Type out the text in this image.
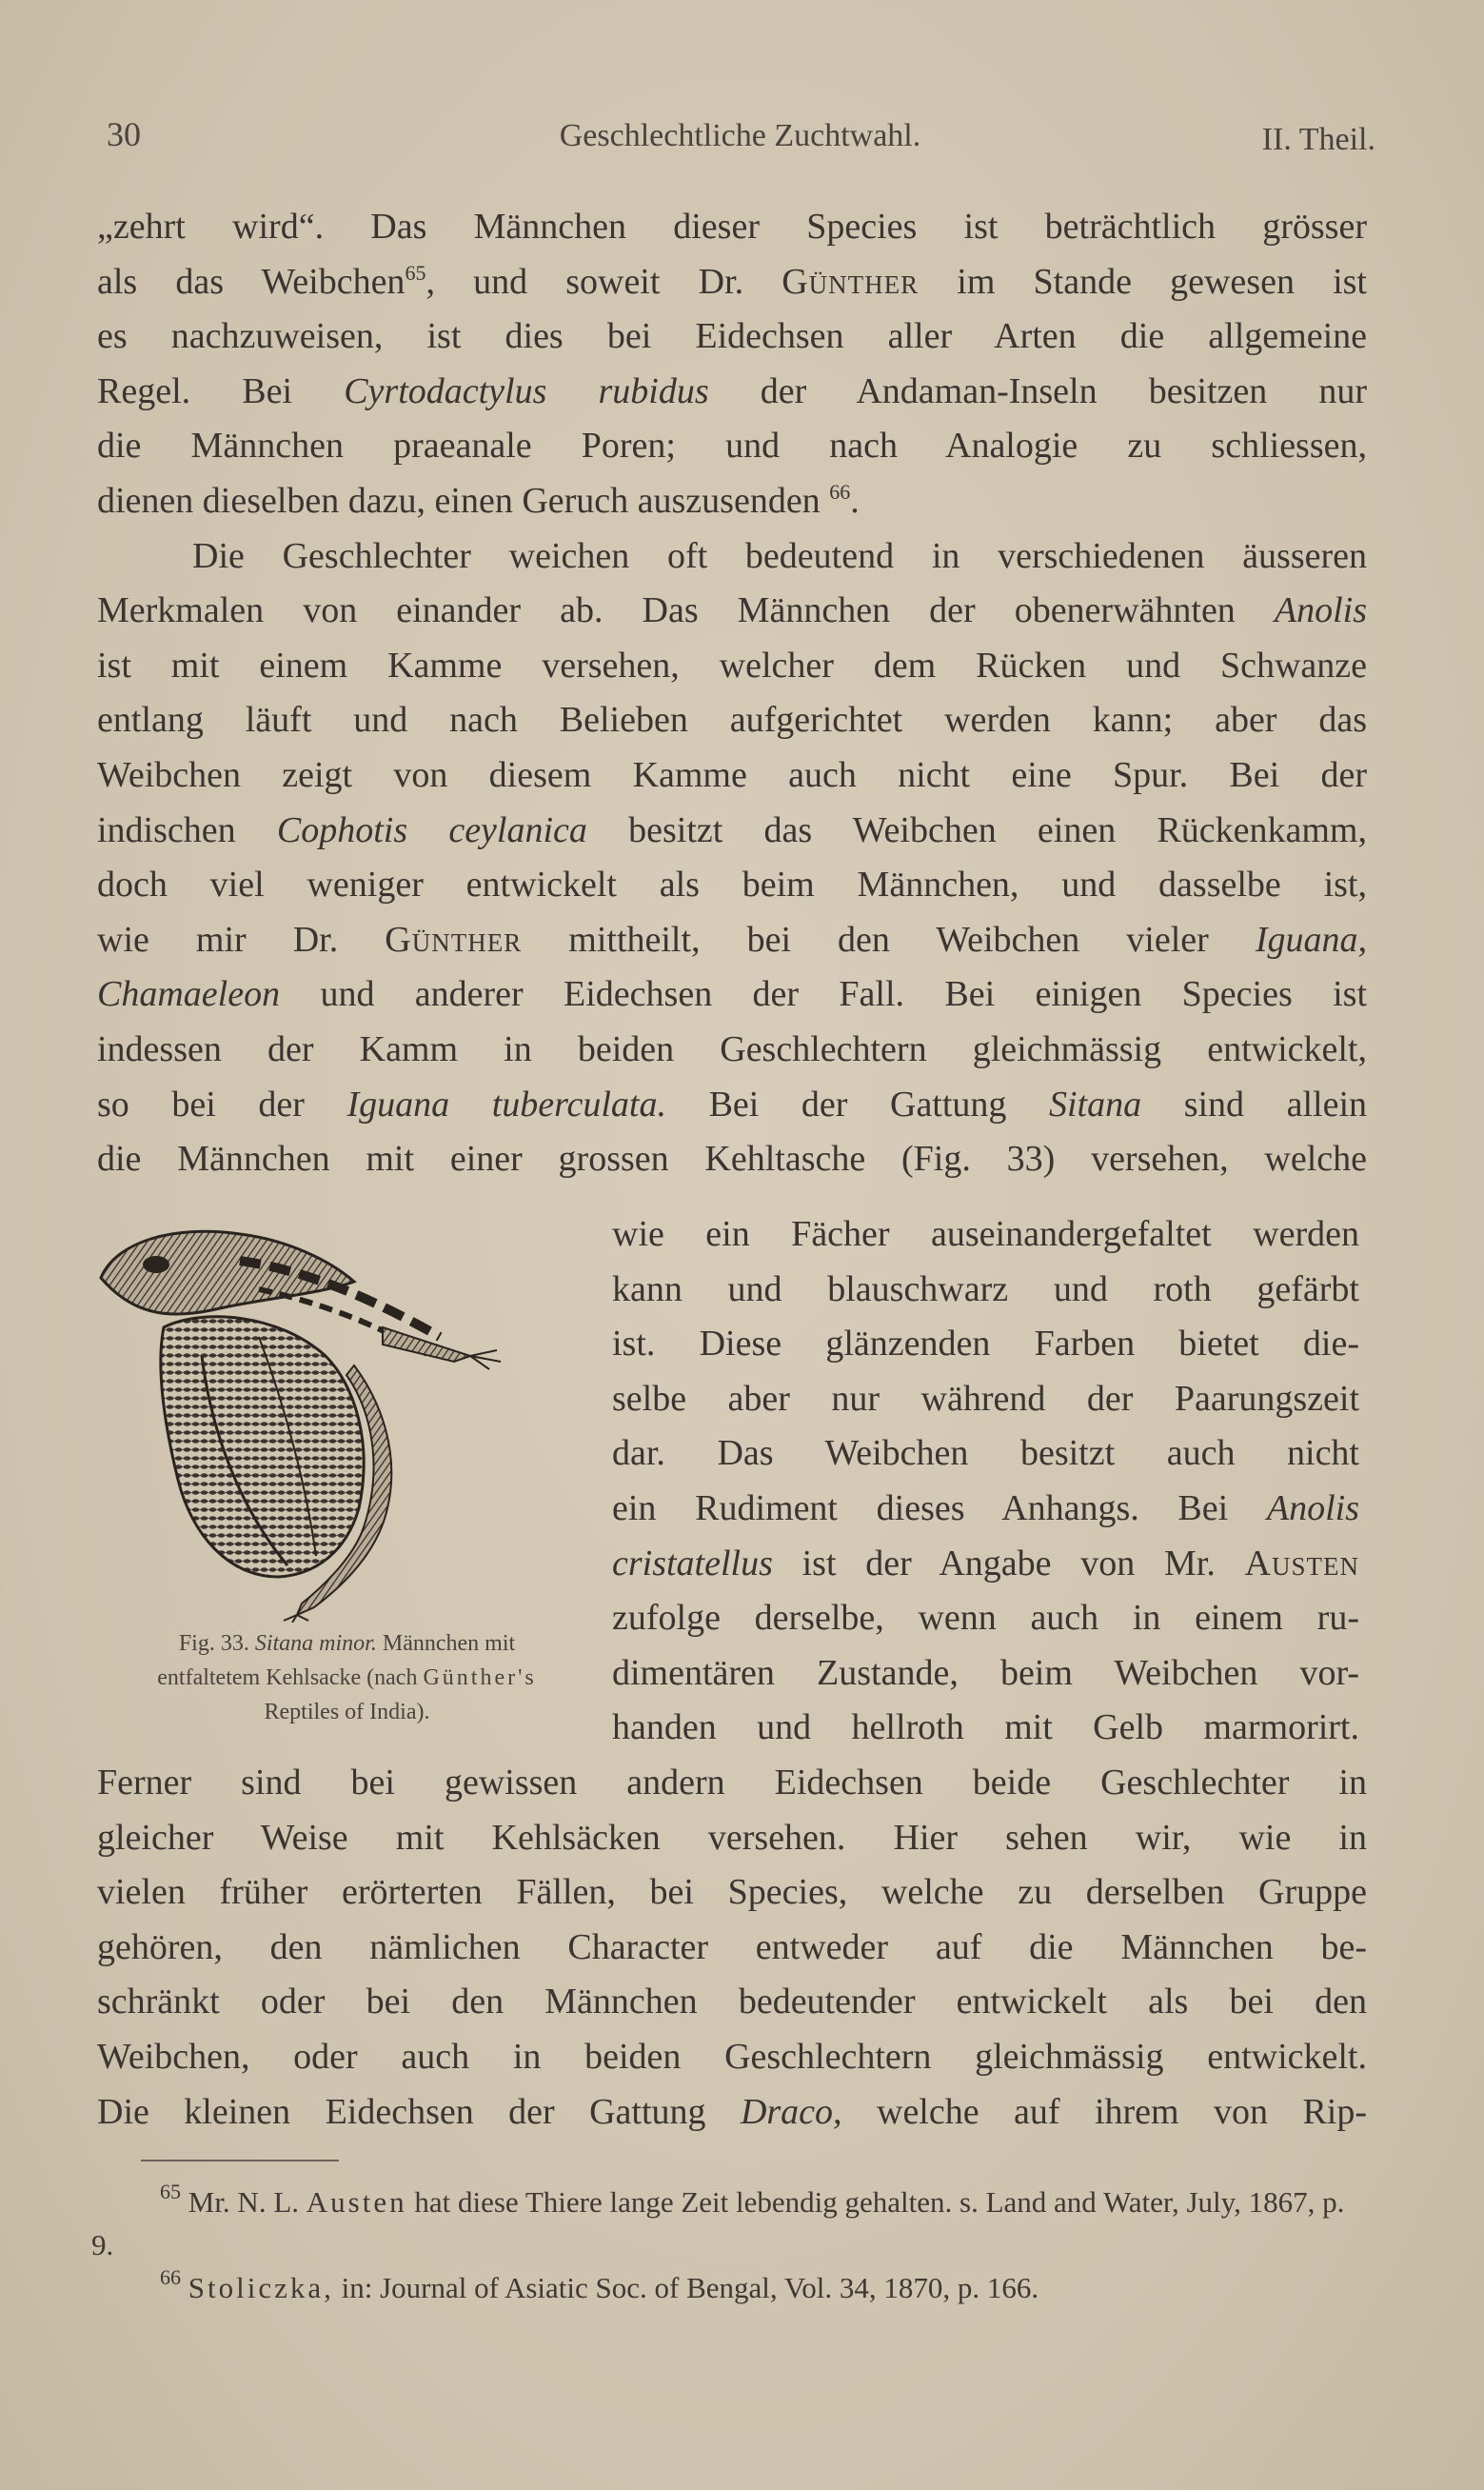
30	Geschlechtliche Zuchtwahl.	II. Theil.
„zehrt wird“. Das Männchen dieser Species ist beträchtlich grösser
als das Weibchen$^{65}$, und soweit Dr. Günther im Stande gewesen ist
es nachzuweisen, ist dies bei Eidechsen aller Arten die allgemeine
Regel. Bei Cyrtodactylus rubidus der Andaman-Inseln besitzen nur
die Männchen praeanale Poren; und nach Analogie zu schliessen,
dienen dieselben dazu, einen Geruch auszusenden $^{66}$.
Die Geschlechter weichen oft bedeutend in verschiedenen äusseren
Merkmalen von einander ab. Das Männchen der obenerwähnten Anolis
ist mit einem Kamme versehen, welcher dem Rücken und Schwanze
entlang läuft und nach Belieben aufgerichtet werden kann; aber das
Weibchen zeigt von diesem Kamme auch nicht eine Spur. Bei der
indischen Cophotis ceylanica besitzt das Weibchen einen Rückenkamm,
doch viel weniger entwickelt als beim Männchen, und dasselbe ist,
wie mir Dr. Günther mittheilt, bei den Weibchen vieler Iguana,
Chamaeleon und anderer Eidechsen der Fall. Bei einigen Species ist
indessen der Kamm in beiden Geschlechtern gleichmässig entwickelt,
so bei der Iguana tuberculata. Bei der Gattung Sitana sind allein
die Männchen mit einer grossen Kehltasche (Fig. 33) versehen, welche
Fig. 33. Sitana minor. Männchen mit
entfaltetem Kehlsacke (nach Günther's
Reptiles of India).
wie ein Fächer auseinandergefaltet werden
kann und blauschwarz und roth gefärbt
ist. Diese glänzenden Farben bietet die-
selbe aber nur während der Paarungszeit
dar. Das Weibchen besitzt auch nicht
ein Rudiment dieses Anhangs. Bei Anolis
cristatellus ist der Angabe von Mr. Austen
zufolge derselbe, wenn auch in einem ru-
dimentären Zustande, beim Weibchen vor-
handen und hellroth mit Gelb marmorirt.
Ferner sind bei gewissen andern Eidechsen beide Geschlechter in
gleicher Weise mit Kehlsäcken versehen. Hier sehen wir, wie in
vielen früher erörterten Fällen, bei Species, welche zu derselben Gruppe
gehören, den nämlichen Character entweder auf die Männchen be-
schränkt oder bei den Männchen bedeutender entwickelt als bei den
Weibchen, oder auch in beiden Geschlechtern gleichmässig entwickelt.
Die kleinen Eidechsen der Gattung Draco, welche auf ihrem von Rip-

$^{65}$ Mr. N. L. Austen hat diese Thiere lange Zeit lebendig gehalten. s. Land and Water, July, 1867, p. 9.

$^{66}$ Stoliczka, in: Journal of Asiatic Soc. of Bengal, Vol. 34, 1870, p. 166.
